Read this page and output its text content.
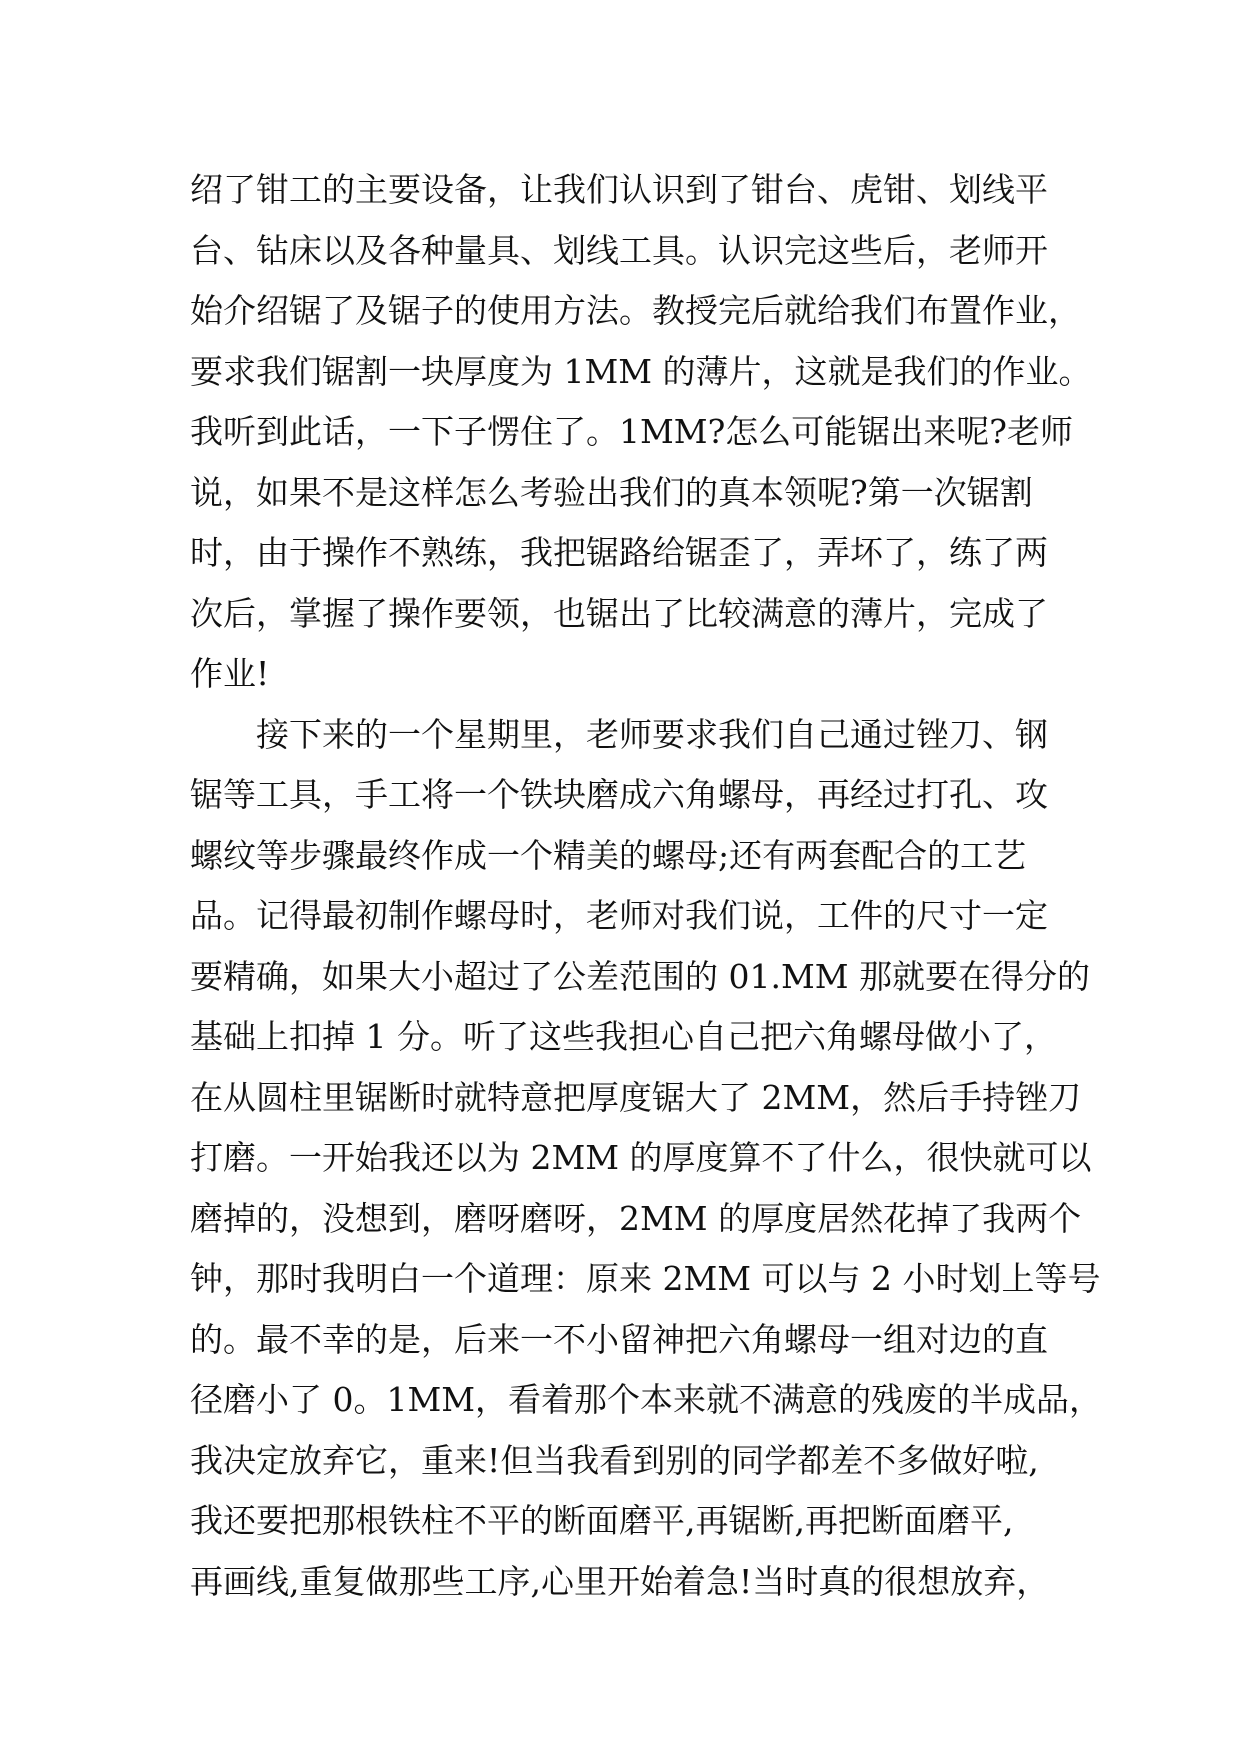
绍了钳工的主要设备，让我们认识到了钳台、虎钳、划线平
台、钻床以及各种量具、划线工具。认识完这些后，老师开
始介绍锯了及锯子的使用方法。教授完后就给我们布置作业，
要求我们锯割一块厚度为 1MM 的薄片，这就是我们的作业。
我听到此话，一下子愣住了。1MM?怎么可能锯出来呢?老师
说，如果不是这样怎么考验出我们的真本领呢?第一次锯割
时，由于操作不熟练，我把锯路给锯歪了，弄坏了，练了两
次后，掌握了操作要领，也锯出了比较满意的薄片，完成了
作业!
　　接下来的一个星期里，老师要求我们自己通过锉刀、钢
锯等工具，手工将一个铁块磨成六角螺母，再经过打孔、攻
螺纹等步骤最终作成一个精美的螺母;还有两套配合的工艺
品。记得最初制作螺母时，老师对我们说，工件的尺寸一定
要精确，如果大小超过了公差范围的 01.MM 那就要在得分的
基础上扣掉 1 分。听了这些我担心自己把六角螺母做小了，
在从圆柱里锯断时就特意把厚度锯大了 2MM，然后手持锉刀
打磨。一开始我还以为 2MM 的厚度算不了什么，很快就可以
磨掉的，没想到，磨呀磨呀，2MM 的厚度居然花掉了我两个
钟，那时我明白一个道理：原来 2MM 可以与 2 小时划上等号
的。最不幸的是，后来一不小留神把六角螺母一组对边的直
径磨小了 0。1MM，看着那个本来就不满意的残废的半成品，
我决定放弃它，重来!但当我看到别的同学都差不多做好啦,
我还要把那根铁柱不平的断面磨平,再锯断,再把断面磨平,
再画线,重复做那些工序,心里开始着急!当时真的很想放弃，
